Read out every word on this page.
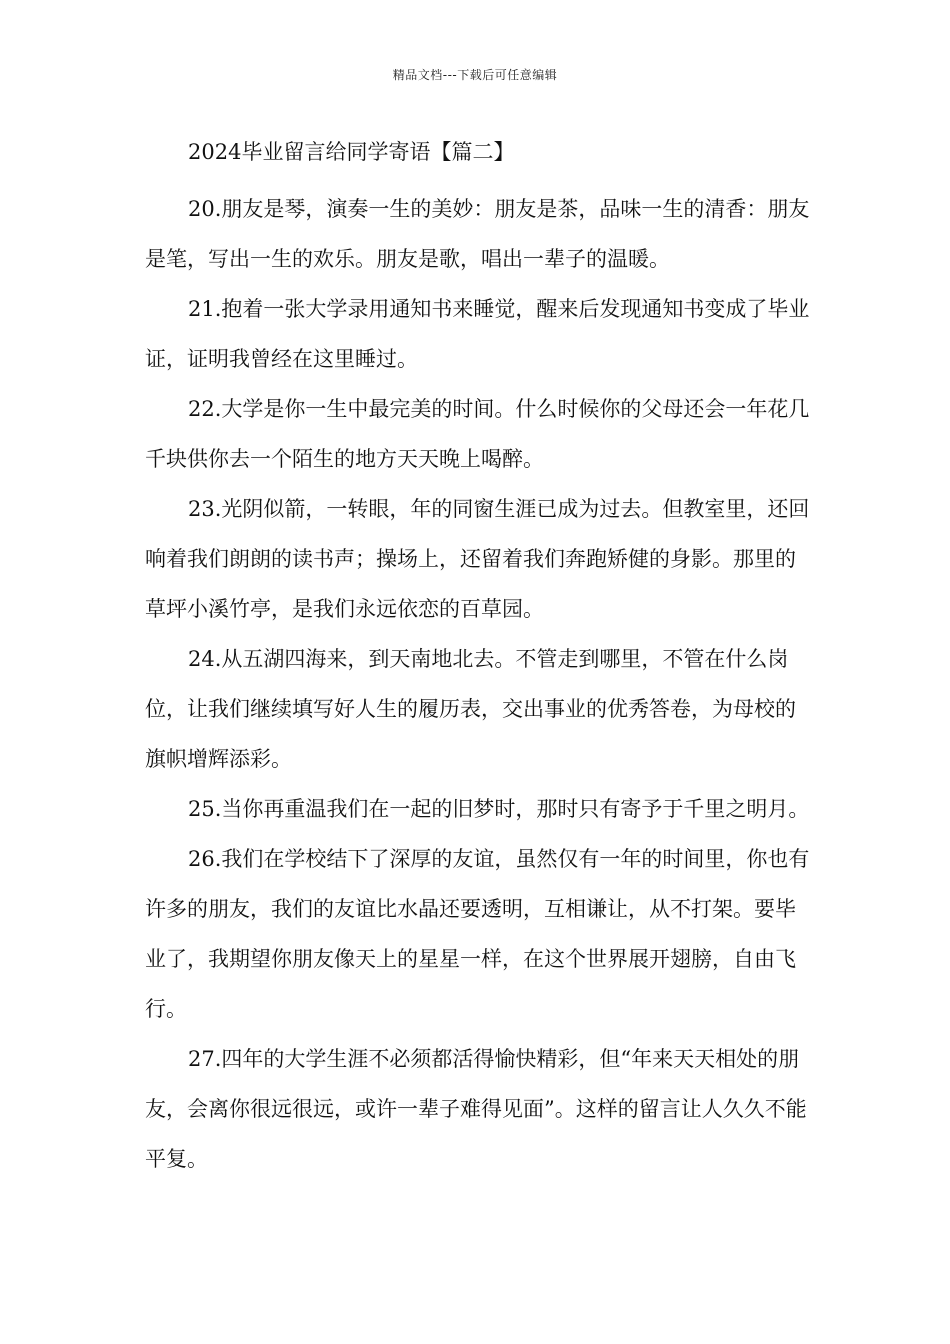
精品文档---下载后可任意编辑
2024毕业留言给同学寄语【篇二】

20.朋友是琴，演奏一生的美妙：朋友是茶，品味一生的清香：朋友是笔，写出一生的欢乐。朋友是歌，唱出一辈子的温暖。

21.抱着一张大学录用通知书来睡觉，醒来后发现通知书变成了毕业证，证明我曾经在这里睡过。

22.大学是你一生中最完美的时间。什么时候你的父母还会一年花几千块供你去一个陌生的地方天天晚上喝醉。

23.光阴似箭，一转眼，年的同窗生涯已成为过去。但教室里，还回响着我们朗朗的读书声；操场上，还留着我们奔跑矫健的身影。那里的草坪小溪竹亭，是我们永远依恋的百草园。

24.从五湖四海来，到天南地北去。不管走到哪里，不管在什么岗位，让我们继续填写好人生的履历表，交出事业的优秀答卷，为母校的旗帜增辉添彩。

25.当你再重温我们在一起的旧梦时，那时只有寄予于千里之明月。

26.我们在学校结下了深厚的友谊，虽然仅有一年的时间里，你也有许多的朋友，我们的友谊比水晶还要透明，互相谦让，从不打架。要毕业了，我期望你朋友像天上的星星一样，在这个世界展开翅膀，自由飞行。

27.四年的大学生涯不必须都活得愉快精彩，但“年来天天相处的朋友，会离你很远很远，或许一辈子难得见面”。这样的留言让人久久不能平复。
